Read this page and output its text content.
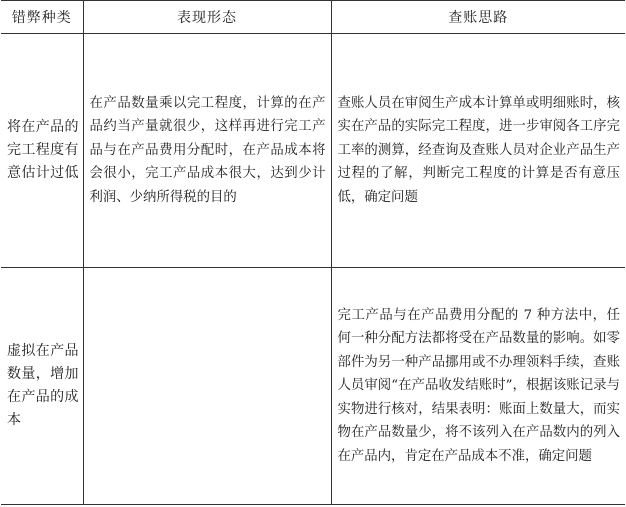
错弊种类	表现形态	查账思路
将在产品的完工程度有意估计过低	在产品数量乘以完工程度，计算的在产品约当产量就很少，这样再进行完工产品与在产品费用分配时，在产品成本将会很小，完工产品成本很大，达到少计利润、少纳所得税的目的	查账人员在审阅生产成本计算单或明细账时，核实在产品的实际完工程度，进一步审阅各工序完工率的测算，经查询及查账人员对企业产品生产过程的了解，判断完工程度的计算是否有意压低，确定问题
虚拟在产品数量，增加在产品的成本		完工产品与在产品费用分配的 7 种方法中，任何一种分配方法都将受在产品数量的影响。如零部件为另一种产品挪用或不办理领料手续，查账人员审阅“在产品收发结账时”，根据该账记录与实物进行核对，结果表明：账面上数量大，而实物在产品数量少，将不该列入在产品数内的列入在产品内，肯定在产品成本不准，确定问题
